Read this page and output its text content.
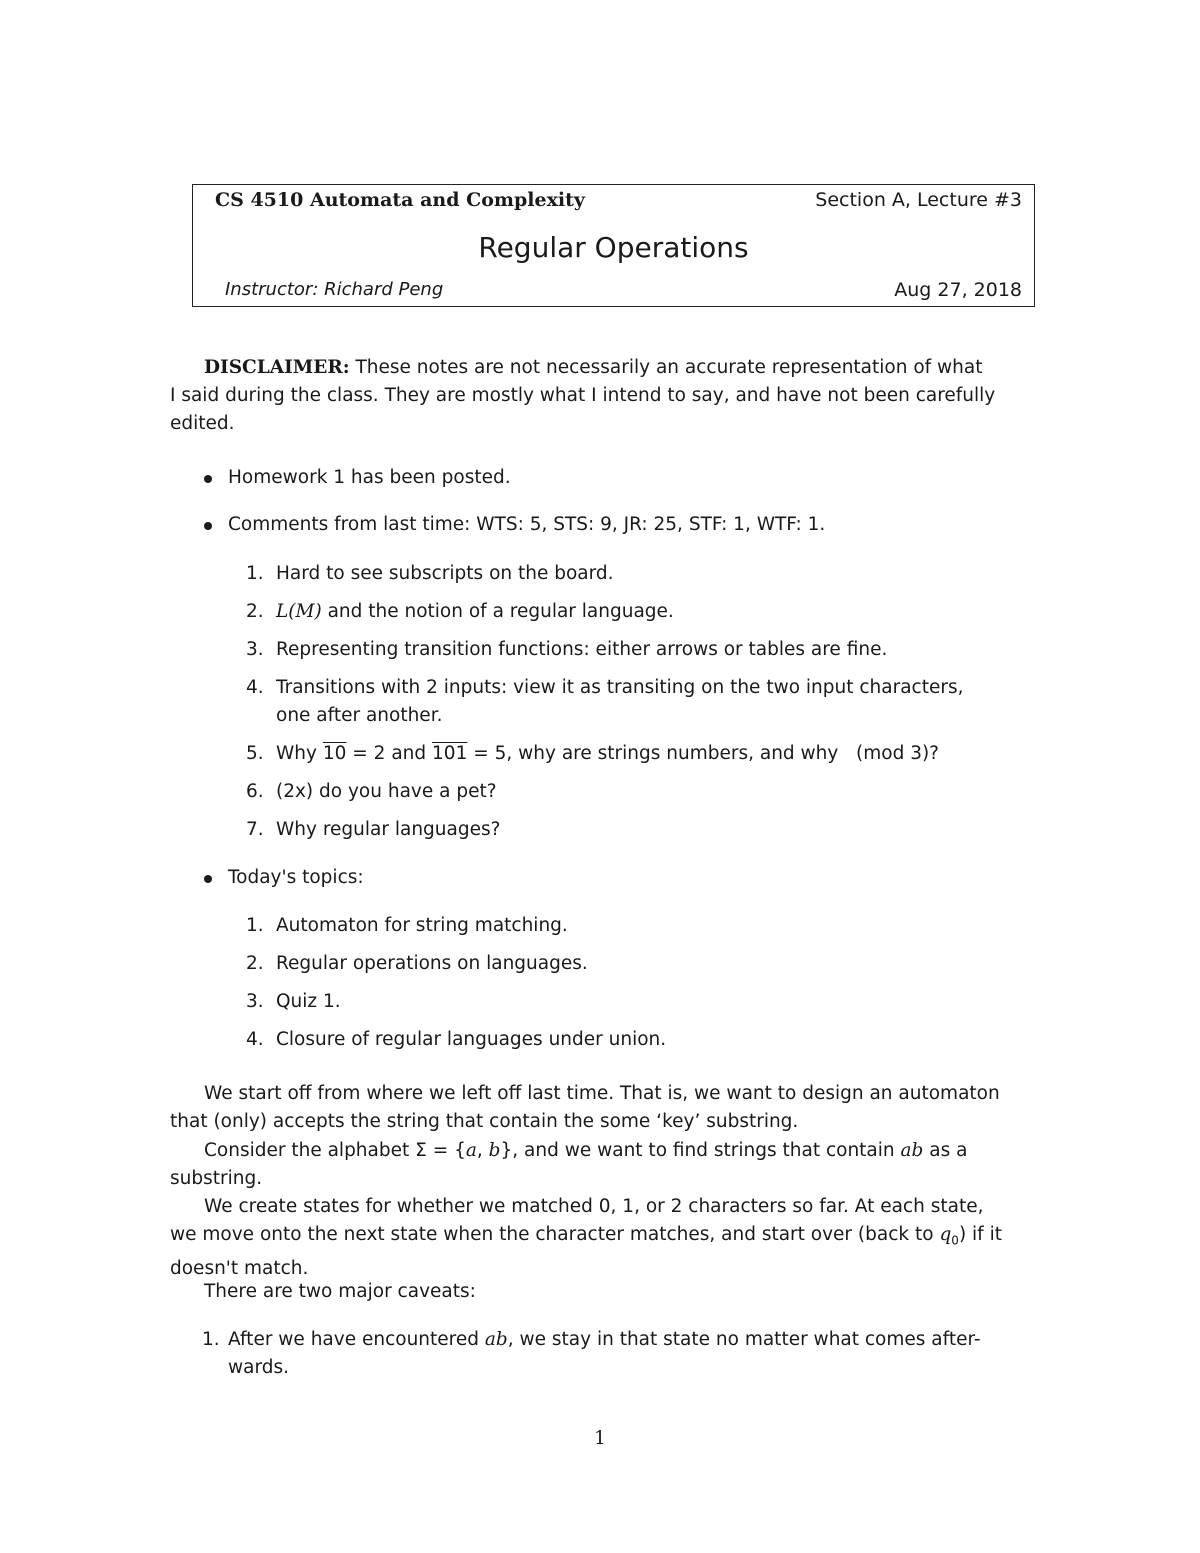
CS 4510 Automata and Complexity	Section A, Lecture #3
Regular Operations
Instructor: Richard Peng	Aug 27, 2018
DISCLAIMER: These notes are not necessarily an accurate representation of what
I said during the class. They are mostly what I intend to say, and have not been carefully
edited.
Homework 1 has been posted.
Comments from last time: WTS: 5, STS: 9, JR: 25, STF: 1, WTF: 1.
1. Hard to see subscripts on the board.
2. L(M) and the notion of a regular language.
3. Representing transition functions: either arrows or tables are fine.
4. Transitions with 2 inputs: view it as transiting on the two input characters,
one after another.
5. Why 10 = 2 and 101 = 5, why are strings numbers, and why (mod 3)?
6. (2x) do you have a pet?
7. Why regular languages?
Today's topics:
1. Automaton for string matching.
2. Regular operations on languages.
3. Quiz 1.
4. Closure of regular languages under union.
We start off from where we left off last time. That is, we want to design an automaton
that (only) accepts the string that contain the some ‘key’ substring.
Consider the alphabet Σ = {a, b}, and we want to find strings that contain ab as a
substring.
We create states for whether we matched 0, 1, or 2 characters so far. At each state,
we move onto the next state when the character matches, and start over (back to $q_0$) if it
doesn't match.
There are two major caveats:
1. After we have encountered ab, we stay in that state no matter what comes after-
wards.
1
